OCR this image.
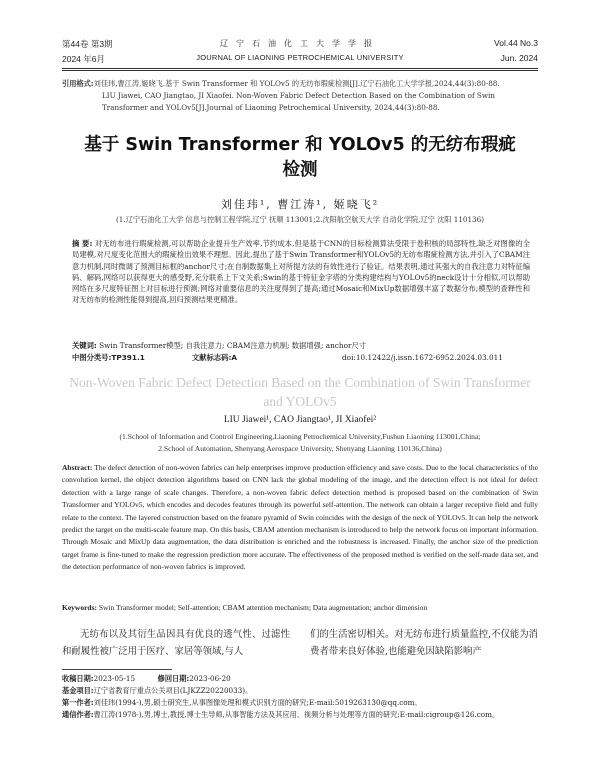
第44卷 第3期
2024 年6月
辽宁石油化工大学学报
JOURNAL OF LIAONING PETROCHEMICAL UNIVERSITY
Vol.44 No.3
Jun. 2024
引用格式:刘佳玮,曹江涛,姬晓飞.基于 Swin Transformer 和 YOLOv5 的无纺布瑕疵检测[J].辽宁石油化工大学学报,2024,44(3):80-88.
LIU Jiawei, CAO Jiangtao, JI Xiaofei. Non-Woven Fabric Defect Detection Based on the Combination of Swin Transformer and YOLOv5[J].Journal of Liaoning Petrochemical University, 2024,44(3):80-88.
基于 Swin Transformer 和 YOLOv5 的无纺布瑕疵
检测
刘佳玮¹, 曹江涛¹, 姬晓飞²
(1.辽宁石油化工大学 信息与控制工程学院,辽宁 抚顺 113001;2.沈阳航空航天大学 自动化学院,辽宁 沈阳 110136)
摘 要: 对无纺布进行瑕疵检测,可以帮助企业提升生产效率,节约成本,但是基于CNN的目标检测算法受限于卷积核的局部特性,缺乏对图像的全局建模,对尺度变化范围大的瑕疵检出效果不理想。因此,提出了基于Swin Transformer和YOLOv5的无纺布瑕疵检测方法,并引入了CBAM注意力机制,同时微调了预测目标框的anchor尺寸;在自制数据集上对所提方法的有效性进行了验证。结果表明,通过其强大的自我注意力对特征编码、解码,网络可以获得更大的感受野,充分联系上下文关系;Swin的基于特征金字塔的分类构建结构与YOLOv5的neck设计十分相似,可以帮助网络在多尺度特征图上对目标进行预测;网络对重要信息的关注度得到了提高;通过Mosaic和MixUp数据增强丰富了数据分布;模型的查释性和对无纺布的检测性能得到提高,回归预测结果更精准。
关键词: Swin Transformer模型; 自我注意力; CBAM注意力机制; 数据增强; anchor尺寸
中图分类号:TP391.1	文献标志码:A	doi:10.12422/j.issn.1672-6952.2024.03.011
Non-Woven Fabric Defect Detection Based on the Combination of Swin Transformer and YOLOv5
LIU Jiawei¹, CAO Jiangtao¹, JI Xiaofei²
(1.School of Information and Control Engineering,Liaoning Petrochemical University,Fushun Liaoning 113001,China;
2.School of Automation, Shenyang Aerospace University, Shenyang Liaoning 110136,China)
Abstract: The defect detection of non-woven fabrics can help enterprises improve production efficiency and save costs. Due to the local characteristics of the convolution kernel, the object detection algorithms based on CNN lack the global modeling of the image, and the detection effect is not ideal for defect detection with a large range of scale changes. Therefore, a non-woven fabric defect detection method is proposed based on the combination of Swin Transformer and YOLOv5, which encodes and decodes features through its powerful self-attention. The network can obtain a larger receptive field and fully relate to the context. The layered construction based on the feature pyramid of Swin coincides with the design of the neck of YOLOv5. It can help the network predict the target on the multi-scale feature map. On this basis, CBAM attention mechanism is introduced to help the network focus on important information. Through Mosaic and MixUp data augmentation, the data distribution is enriched and the robustness is increased. Finally, the anchor size of the prediction target frame is fine-tuned to make the regression prediction more accurate. The effectiveness of the proposed method is verified on the self-made data set, and the detection performance of non-woven fabrics is improved.
Keywords: Swin Transformer model; Self-attention; CBAM attention mechanism; Data augmentation; anchor dimension
无纺布以及其衍生品因具有优良的透气性、过滤性和耐履性被广泛用于医疗、家居等领域,与人
们的生活密切相关。对无纺布进行质量监控,不仅能为消费者带来良好体验,也能避免因缺陷影响产
收稿日期:2023-05-15	修回日期:2023-06-20
基金项目:辽宁省教育厅重点公关项目(LJKZZ20220033)。
第一作者:刘佳玮(1994-),男,硕士研究生,从事图像处理和模式识别方面的研究;E-mail:5019263130@qq.com。
通信作者:曹江涛(1978-),男,博士,教授,博士生导师,从事智能方法及其应用、视频分析与处理等方面的研究;E-mail:cigroup@126.com。
